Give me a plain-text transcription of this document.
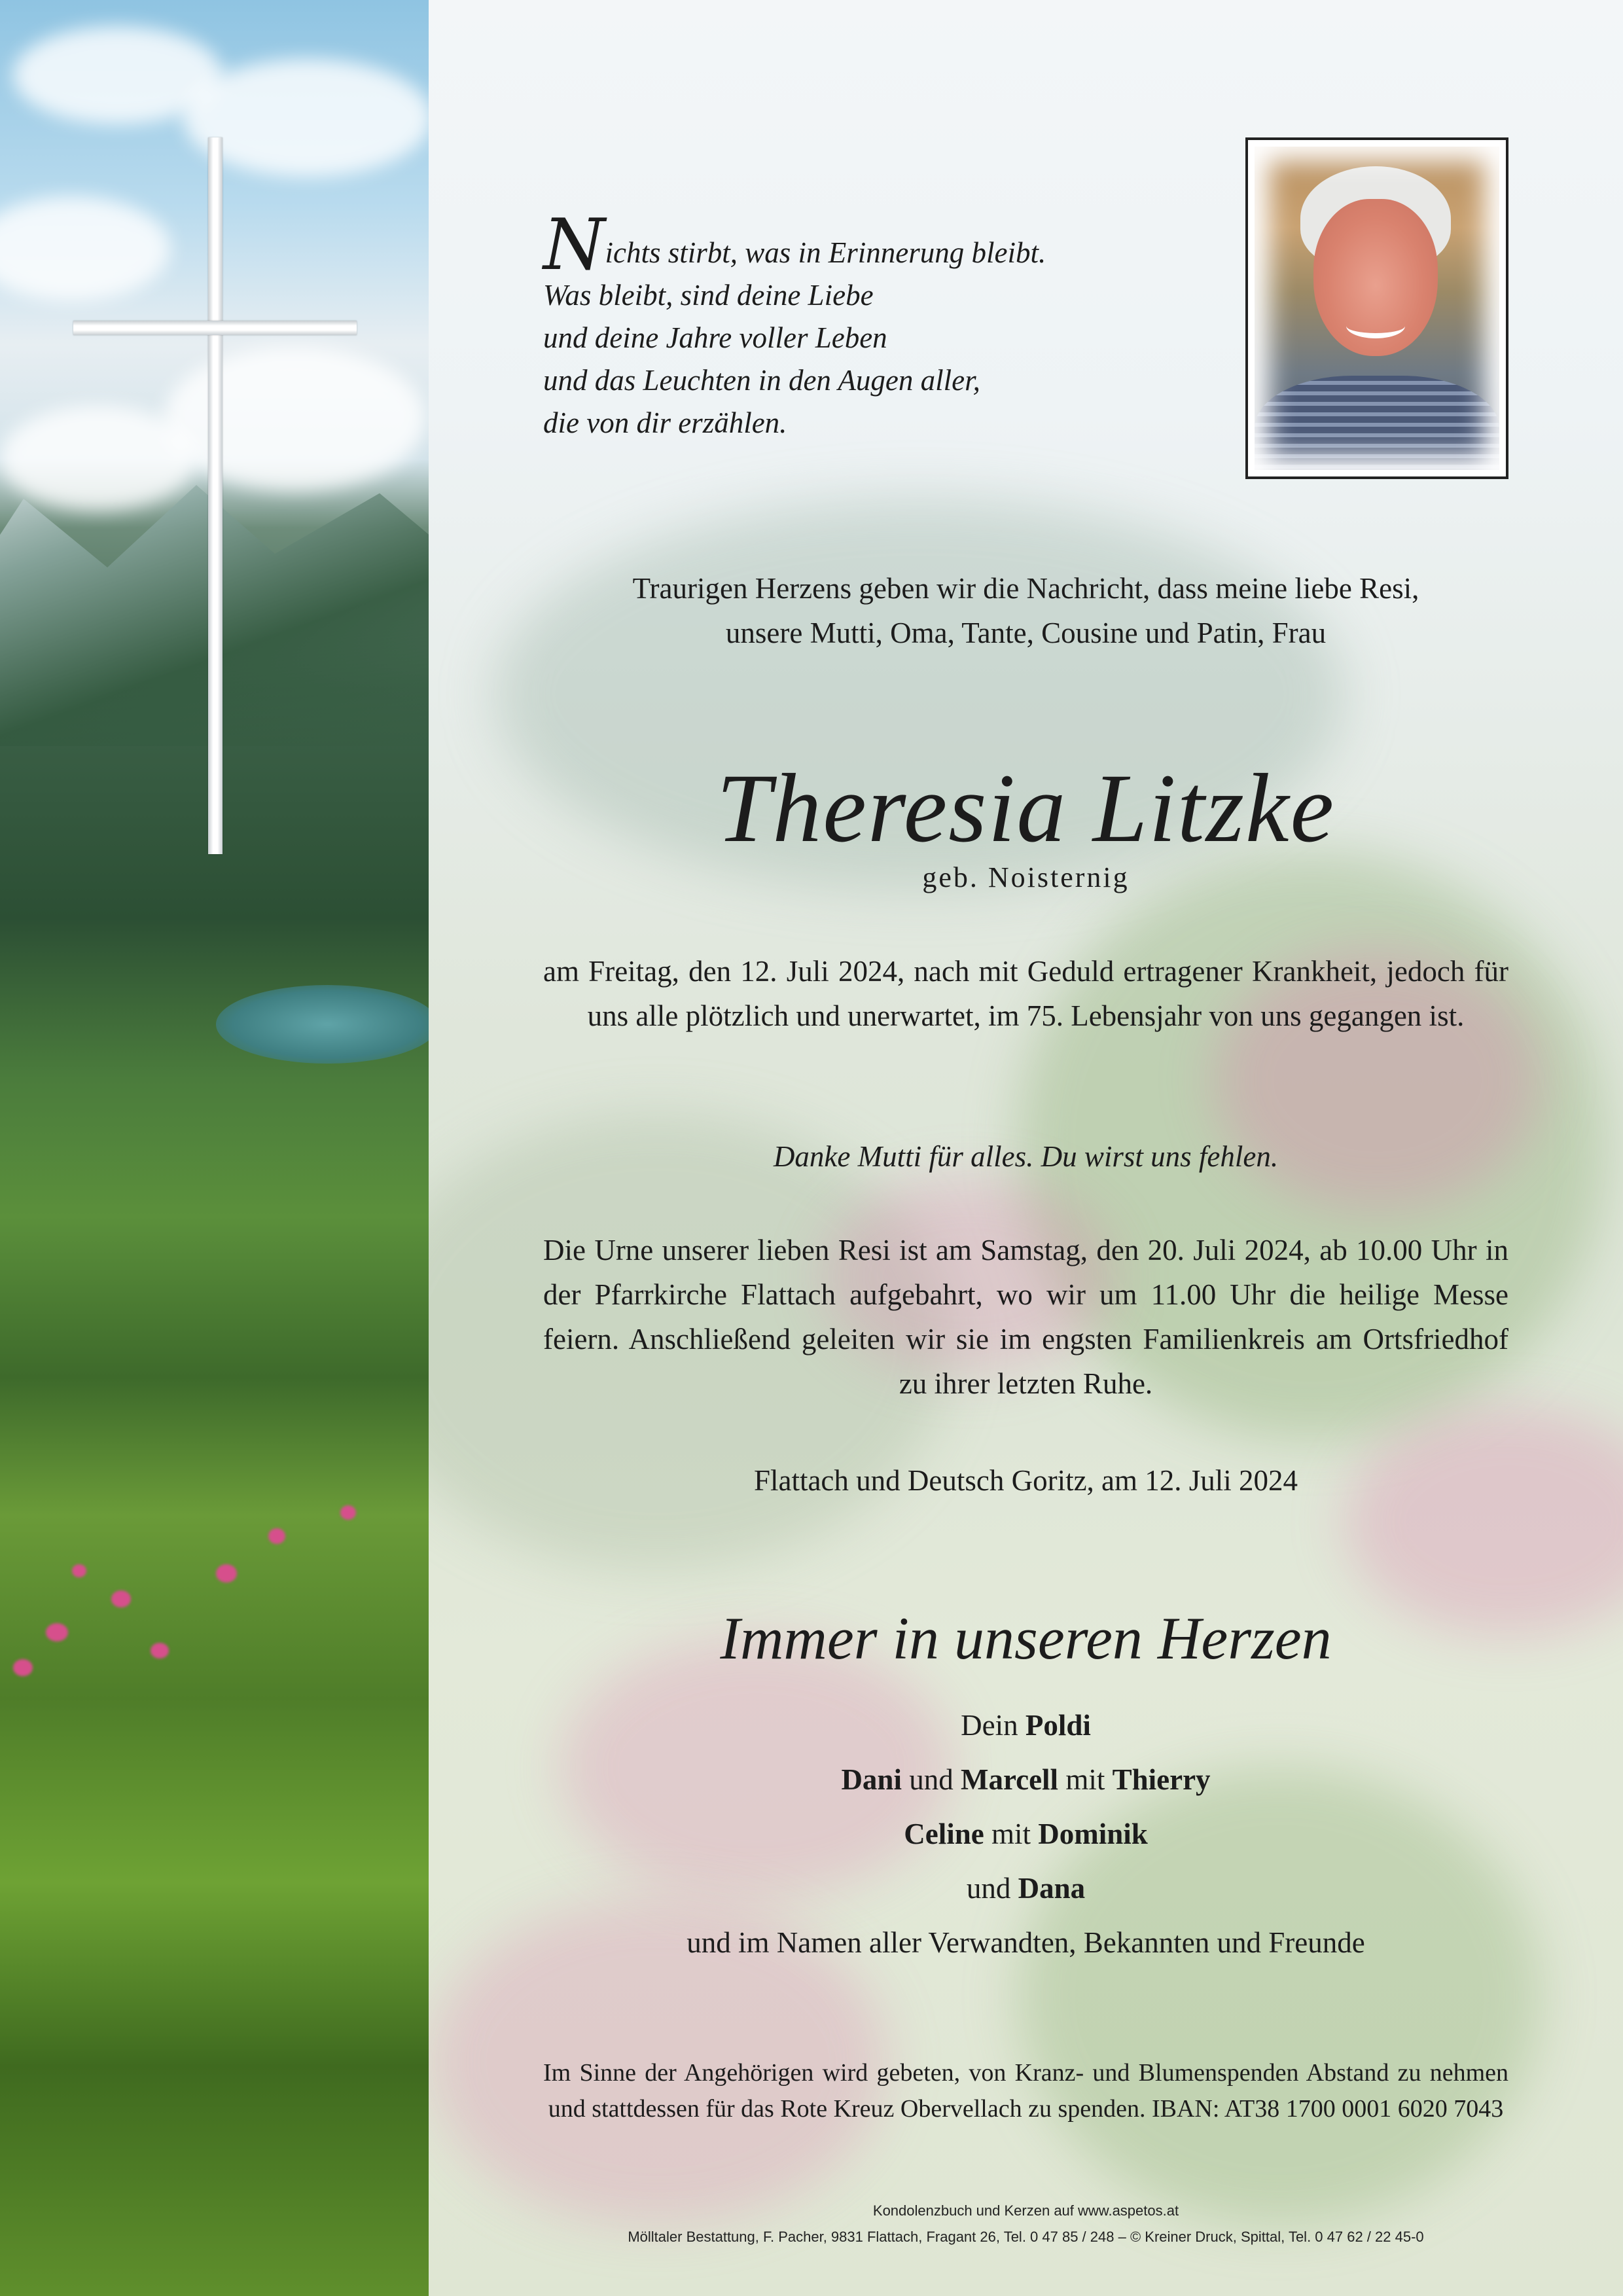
Nichts stirbt, was in Erinnerung bleibt.
Was bleibt, sind deine Liebe
und deine Jahre voller Leben
und das Leuchten in den Augen aller,
die von dir erzählen.
Traurigen Herzens geben wir die Nachricht, dass meine liebe Resi,
unsere Mutti, Oma, Tante, Cousine und Patin, Frau
Theresia Litzke
geb. Noisternig
am Freitag, den 12. Juli 2024, nach mit Geduld ertragener Krankheit, jedoch für uns alle plötzlich und unerwartet, im 75. Lebensjahr von uns gegangen ist.
Danke Mutti für alles. Du wirst uns fehlen.
Die Urne unserer lieben Resi ist am Samstag, den 20. Juli 2024, ab 10.00 Uhr in der Pfarrkirche Flattach aufgebahrt, wo wir um 11.00 Uhr die heilige Messe feiern. Anschließend geleiten wir sie im engsten Familienkreis am Ortsfriedhof zu ihrer letzten Ruhe.
Flattach und Deutsch Goritz, am 12. Juli 2024
Immer in unseren Herzen
Dein Poldi
Dani und Marcell mit Thierry
Celine mit Dominik
und Dana
und im Namen aller Verwandten, Bekannten und Freunde
Im Sinne der Angehörigen wird gebeten, von Kranz- und Blumenspenden Abstand zu nehmen und stattdessen für das Rote Kreuz Obervellach zu spenden. IBAN: AT38 1700 0001 6020 7043
Kondolenzbuch und Kerzen auf www.aspetos.at
Mölltaler Bestattung, F. Pacher, 9831 Flattach, Fragant 26, Tel. 0 47 85 / 248 – © Kreiner Druck, Spittal, Tel. 0 47 62 / 22 45-0
